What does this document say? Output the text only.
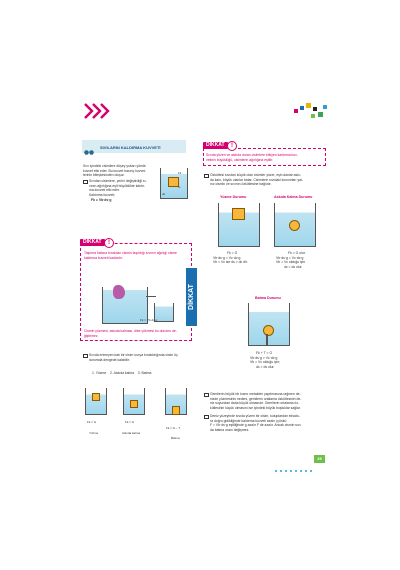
SIVILARIN KALDIRMA KUVVETİ
Sıvı içindeki cisimlere düşey yukarı yönde
kuvvet etki eder. Bu kuvvet basınç kuvvet-
lerinin bileşkesinden oluşur.
Sıvıdan cisimlere, yerini değiştirdiği sı-
vının ağırlığına eşit büyüklükte kaldır-
ma kuvveti etki eder.
Kaldırma kuvveti;
Fk = Vb·ds·g
Fk
G
ds
DİKKAT	!
Taşırma kabına bırakılan cismin taşırdığı sıvının ağırlığı cisme
kaldırma kuvveti kadardır.
Fk = Vb·ds·g
Cismin yüzmesi, askıda kalması, dibe çökmesi bu durumu de-
ğiştirmez.
Sıvıda erimeyen katı bir cisim sıvıya bırakıldığında cisim üç
durumda dengede kalabilir:
1. Yüzme 2. Askıda kalma 3. Batma
Fk = G
Yüzme
Fk = G
Askıda kalma
Fk = G – T
Batma
DİKKAT
DİKKAT	!
Sıvıda yüzen ve askıda duran cisimlere etkiyen kaldırma kuv-
vetinin büyüklüğü, cisimlerin ağırlığına eşittir.
Özkütlesi sıvıdan küçük olan cisimler yüzer, eşit olanlar askı-
da kalır, büyük olanlar batar. Cisimlerin sıvıdaki konumları yal-
nız cismin ve sıvının özkütlesine bağlıdır.
Yüzme Durumu	Askıda Kalma Durumu
Fk = G
Vb·ds·g = Vc·dc·g
Vb < Vc ise ds > dc dir.
Fk = G olur.
Vb·ds·g = Vc·dc·g
Vb = Vc olduğu için
dc = ds olur.
Batma Durumu
Fk + T = G
Vb·ds·g > Vc·dc·g
Vb = Vc olduğu için;
dc > ds olur.
Gemilerin büyük bir kısmı metalden yapılmasına rağmen de-
nizde yüzmesinin nedeni, gemilerin ortalama özkütlesinin de-
niz suyundan daha küçük olmasıdır. Gemilerin ortalama öz-
kütlesinin küçük olmasını ise içindeki büyük boşluklar sağlar.
Deniz yüzeyinde sıvıda yüzen bir cisim, kutuplardan ekvato-
ra doğru gidildiğinde kaldırma kuvveti azalır (çünkü
F = Vb·ds·g eşitliğinde g azalır F de azalır. Ancak cismin sıvı-
da batma oranı değişmez.
29
